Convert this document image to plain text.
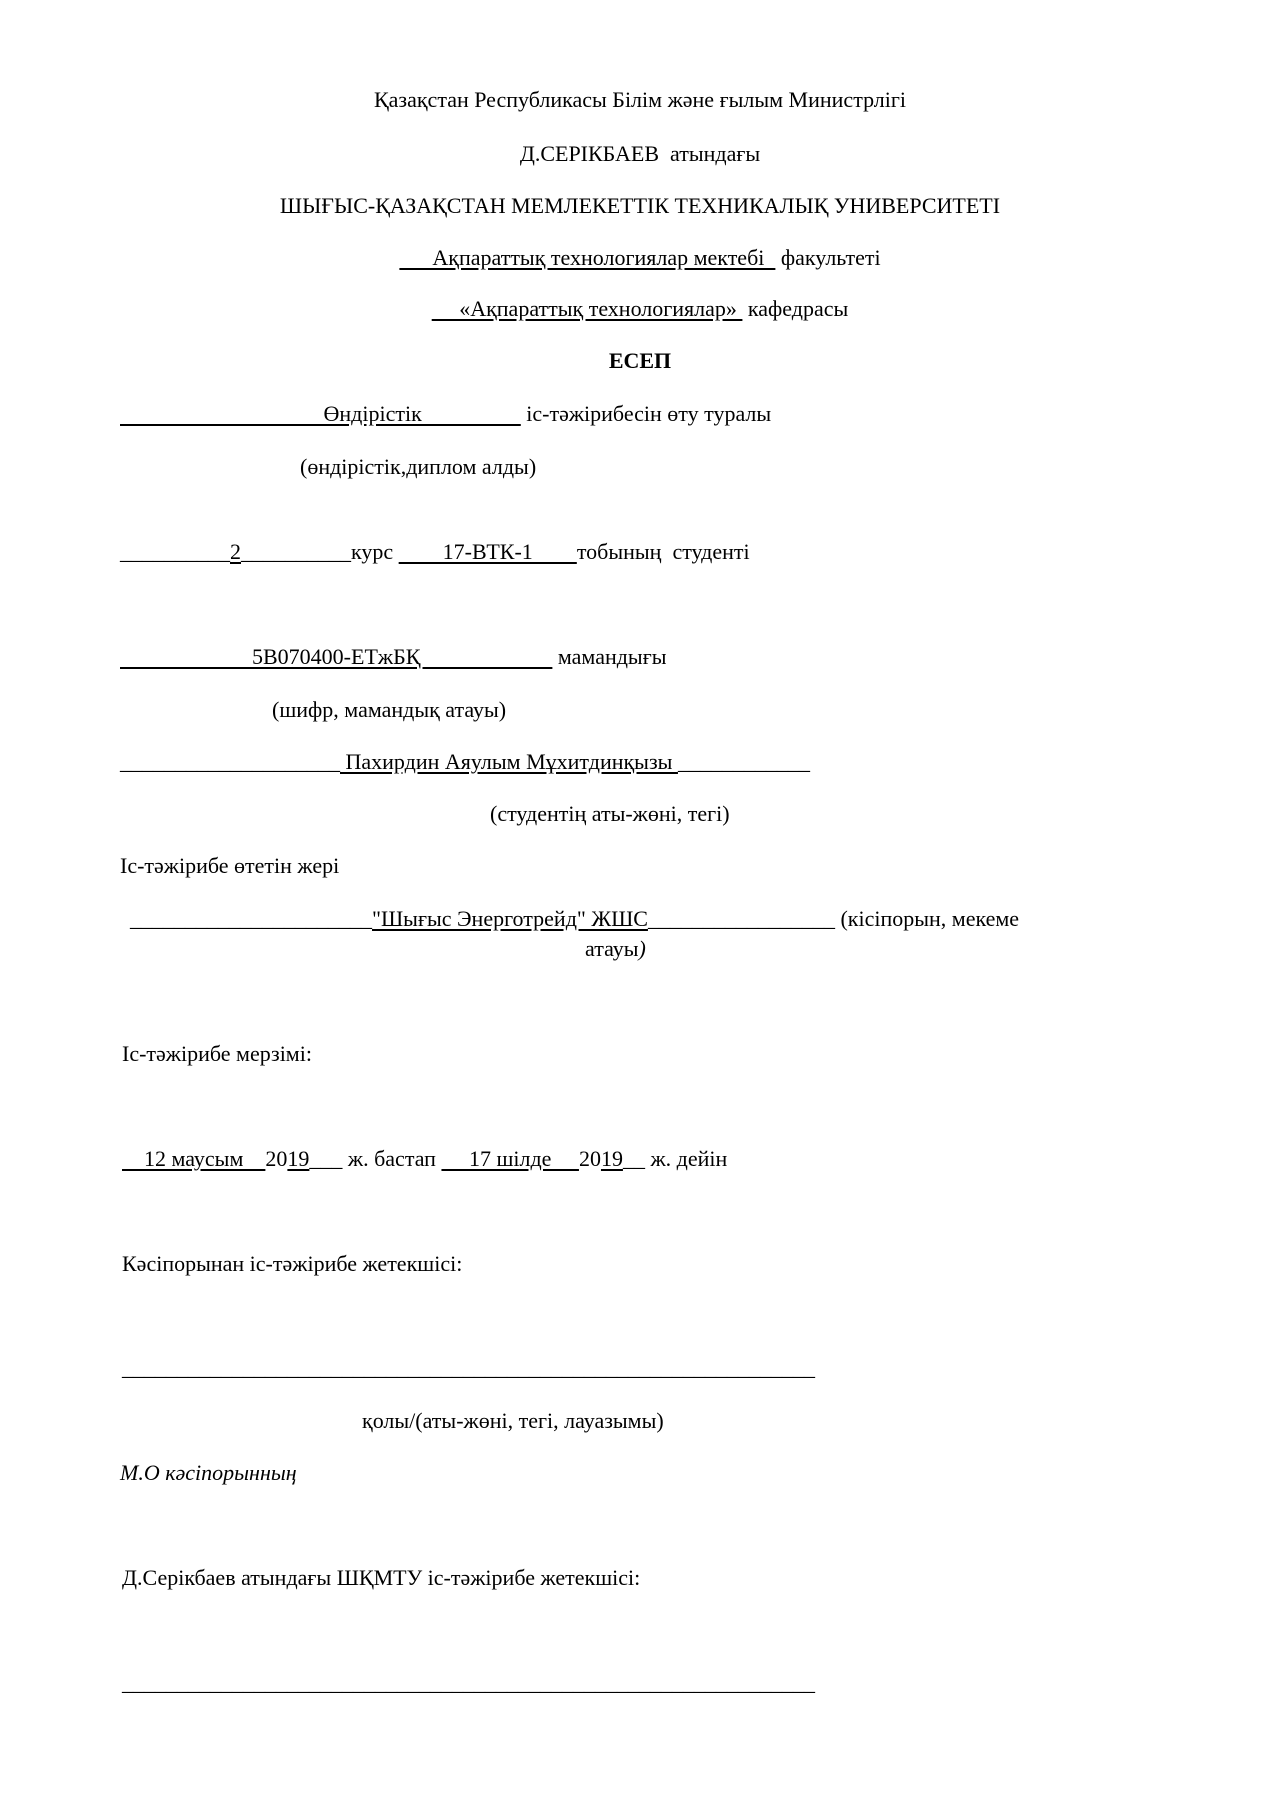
Қазақстан Республикасы Білім және ғылым Министрлігі
Д.СЕРІКБАЕВ  атындағы
ШЫҒЫС-ҚАЗАҚСТАН МЕМЛЕКЕТТІК ТЕХНИКАЛЫҚ УНИВЕРСИТЕТІ
Ақпараттық технологиялар мектебі   факультеті
«Ақпараттық технологиялар»  кафедрасы
ЕСЕП
Өндірістік                   іс-тәжірибесін өту туралы
(өндірістік,диплом алды)
__________2__________курс         17-ВТК-1        тобының  студенті
5В070400-ЕТжБҚ                         мамандығы
(шифр, мамандық атауы)
____________________ Пахирдин Аяулым Мұхитдинқызы ____________
(студентің аты-жөні, тегі)
Іс-тәжірибе өтетін жері
______________________"Шығыс Энерготрейд" ЖШС_________________ (кісіпорын, мекеме
атауы)
Іс-тәжірибе мерзімі:
12 маусым    2019___ ж. бастап      17 шілде     2019__ ж. дейін
Кәсіпорынан іс-тәжірибе жетекшісі:
_______________________________________________________________
қолы/(аты-жөні, тегі, лауазымы)
М.О кәсіпорынның
Д.Серікбаев атындағы ШҚМТУ іс-тәжірибе жетекшісі:
_______________________________________________________________
